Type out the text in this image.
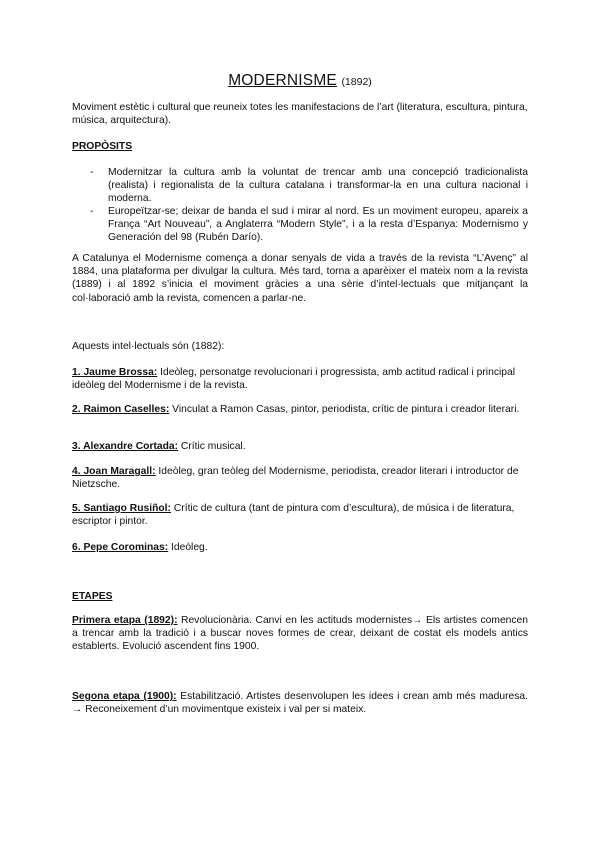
MODERNISME (1892)
Moviment estètic i cultural que reuneix totes les manifestacions de l’art (literatura, escultura, pintura, música, arquitectura).
PROPÒSITS
- Modernitzar la cultura amb la voluntat de trencar amb una concepció tradicionalista (realista) i regionalista de la cultura catalana i transformar-la en una cultura nacional i moderna.
- Europeïtzar-se; deixar de banda el sud i mirar al nord. Es un moviment europeu, apareix a França “Art Nouveau”, a Anglaterra “Modern Style”, i a la resta d’Espanya: Modernismo y Generación del 98 (Rubén Darío).
A Catalunya el Modernisme comença a donar senyals de vida a través de la revista “L’Avenç” al 1884, una plataforma per divulgar la cultura. Més tard, torna a aparèixer el mateix nom a la revista (1889) i al 1892 s’inicia el moviment gràcies a una sèrie d’intel·lectuals que mitjançant la col·laboració amb la revista, comencen a parlar-ne.
Aquests intel·lectuals són (1882):
1. Jaume Brossa: Ideòleg, personatge revolucionari i progressista, amb actitud radical i principal ideòleg del Modernisme i de la revista.
2. Raimon Caselles: Vinculat a Ramon Casas, pintor, periodista, crític de pintura i creador literari.
3. Alexandre Cortada: Crític musical.
4. Joan Maragall: Ideòleg, gran teòleg del Modernisme, periodista, creador literari i introductor de Nietzsche.
5. Santiago Rusiñol: Crític de cultura (tant de pintura com d’escultura), de música i de literatura, escriptor i pintor.
6. Pepe Corominas: Ideòleg.
ETAPES
Primera etapa (1892): Revolucionària. Canvi en les actituds modernistes→ Els artistes comencen a trencar amb la tradició i a buscar noves formes de crear, deixant de costat els models antics establerts. Evolució ascendent fins 1900.
Segona etapa (1900): Estabilització. Artistes desenvolupen les idees i crean amb més maduresa. → Reconeixement d’un movimentque existeix i val per si mateix.
